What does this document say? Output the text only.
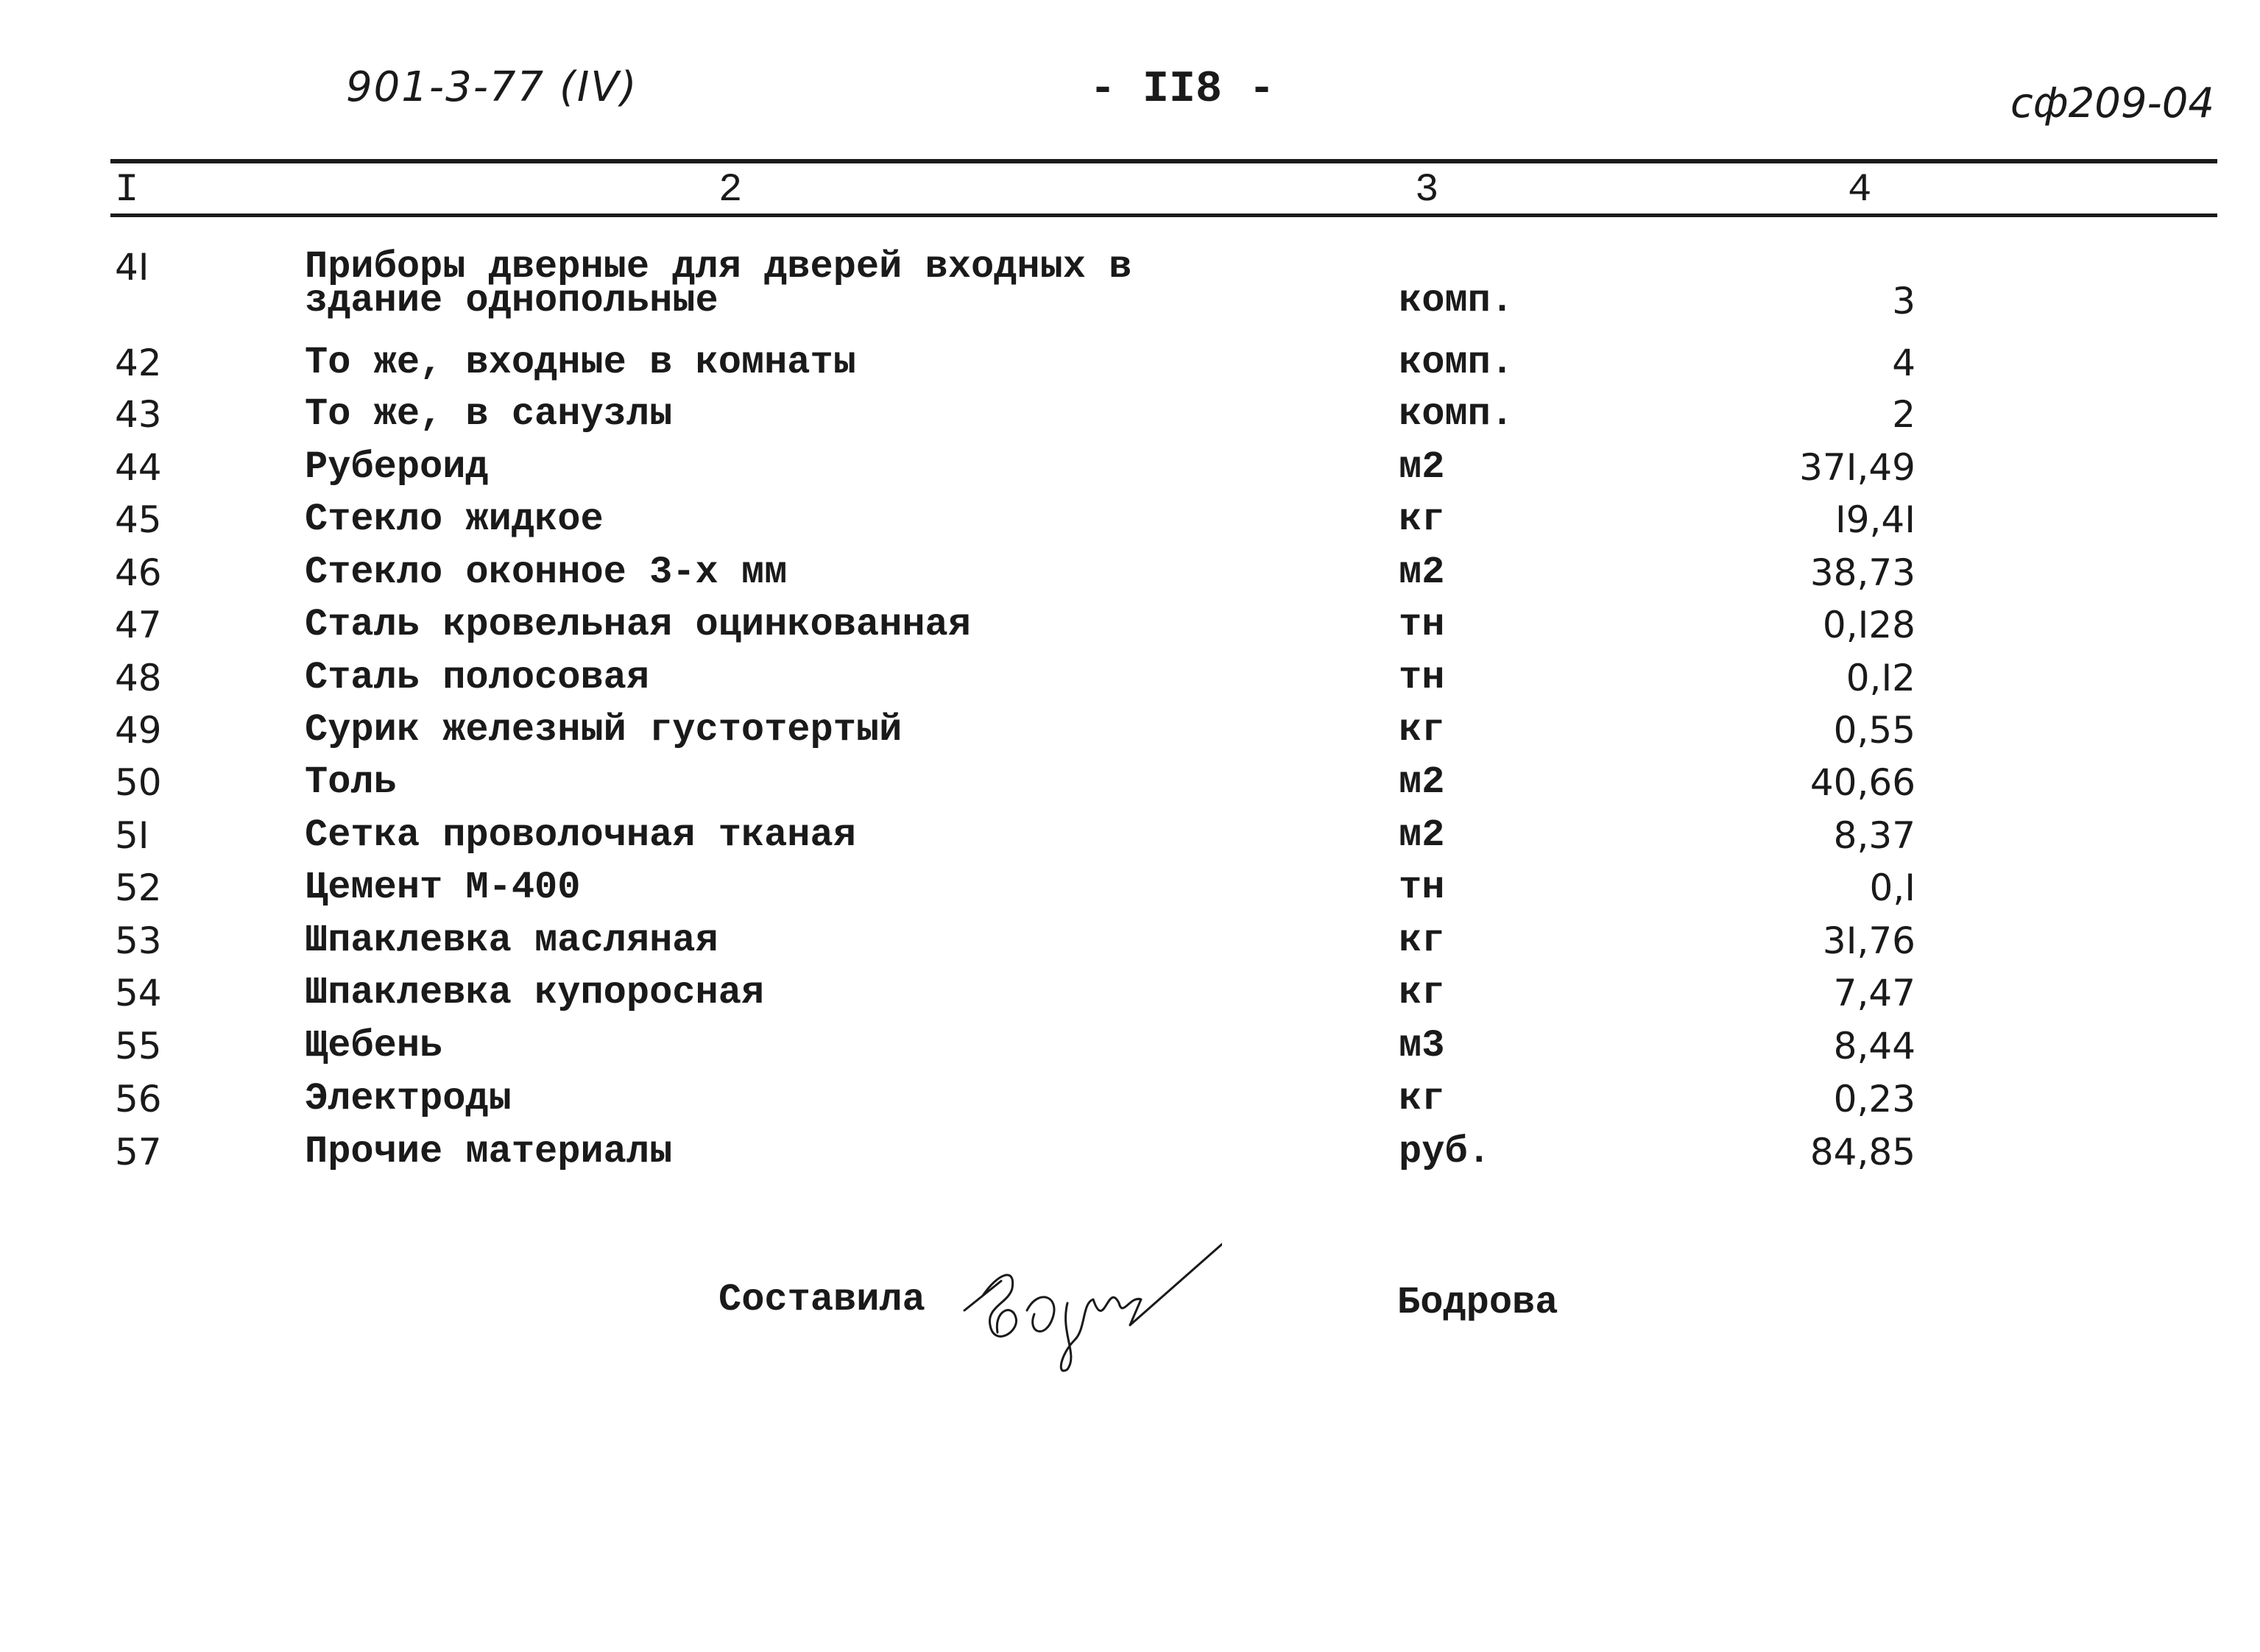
901-3-77 (IV)	- II8 -	сф209-04
I	2	3	4
4I	Приборы дверные для дверей входных в
здание однопольные	комп.	3
42	То же, входные в комнаты	комп.	4
43	То же, в санузлы	комп.	2
44	Рубероид	м2	37I,49
45	Стекло жидкое	кг	I9,4I
46	Стекло оконное 3-х мм	м2	38,73
47	Сталь кровельная оцинкованная	тн	0,I28
48	Сталь полосовая	тн	0,I2
49	Сурик железный густотертый	кг	0,55
50	Толь	м2	40,66
5I	Сетка проволочная тканая	м2	8,37
52	Цемент М-400	тн	0,I
53	Шпаклевка масляная	кг	3I,76
54	Шпаклевка купоросная	кг	7,47
55	Щебень	м3	8,44
56	Электроды	кг	0,23
57	Прочие материалы	руб.	84,85
Составила	Бодрова
